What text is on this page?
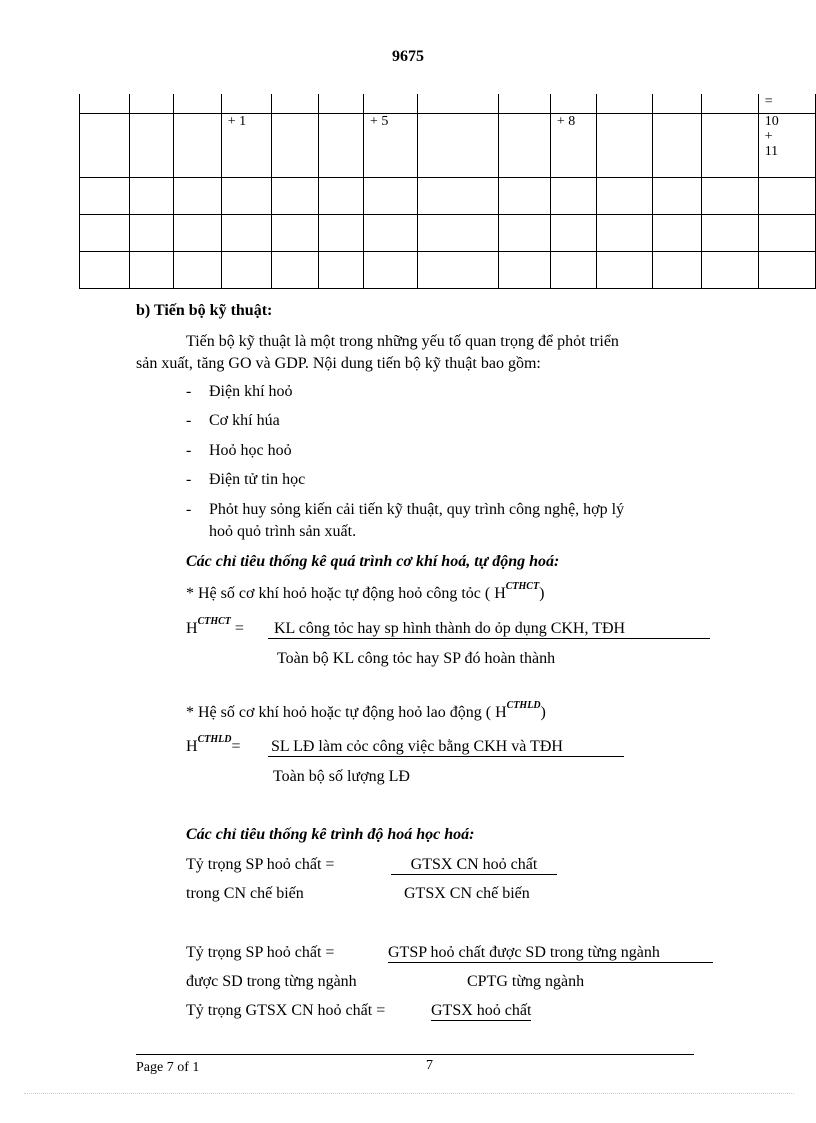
9675
													=
			+ 1			+ 5			+ 8				10
+
11

b) Tiến bộ kỹ thuật:
Tiến bộ kỹ thuật là một trong những yếu tố quan trọng để phỏt triển
sản xuất, tăng GO và GDP. Nội dung tiến bộ kỹ thuật bao gồm:
- Điện khí hoỏ
- Cơ khí húa
- Hoỏ học hoỏ
- Điện tử tin học
- Phỏt huy sỏng kiến cải tiến kỹ thuật, quy trình công nghệ, hợp lý
hoỏ quỏ trình sản xuất.
Các chỉ tiêu thống kê quá trình cơ khí hoá, tự động hoá:
* Hệ số cơ khí hoỏ hoặc tự động hoỏ công tỏc ( $H^{CTHCT}$)
$H^{CTHCT}$ =	KL công tỏc hay sp hình thành do ỏp dụng CKH, TĐH
Toàn bộ KL công tỏc hay SP đó hoàn thành
* Hệ số cơ khí hoỏ hoặc tự động hoỏ lao động ( $H^{CTHLD}$)
$H^{CTHLD}=$ SL LĐ làm cỏc công việc bằng CKH và TĐH
Toàn bộ số lượng LĐ
Các chỉ tiêu thống kê trình độ hoá học hoá:
Tỷ trọng SP hoỏ chất =	GTSX CN hoỏ chất
trong CN chế biến	GTSX CN chế biến
Tỷ trọng SP hoỏ chất =	GTSP hoỏ chất được SD trong từng ngành
được SD trong từng ngành	CPTG từng ngành
Tỷ trọng GTSX CN hoỏ chất =	GTSX hoỏ chất
Page 7 of 1	7
